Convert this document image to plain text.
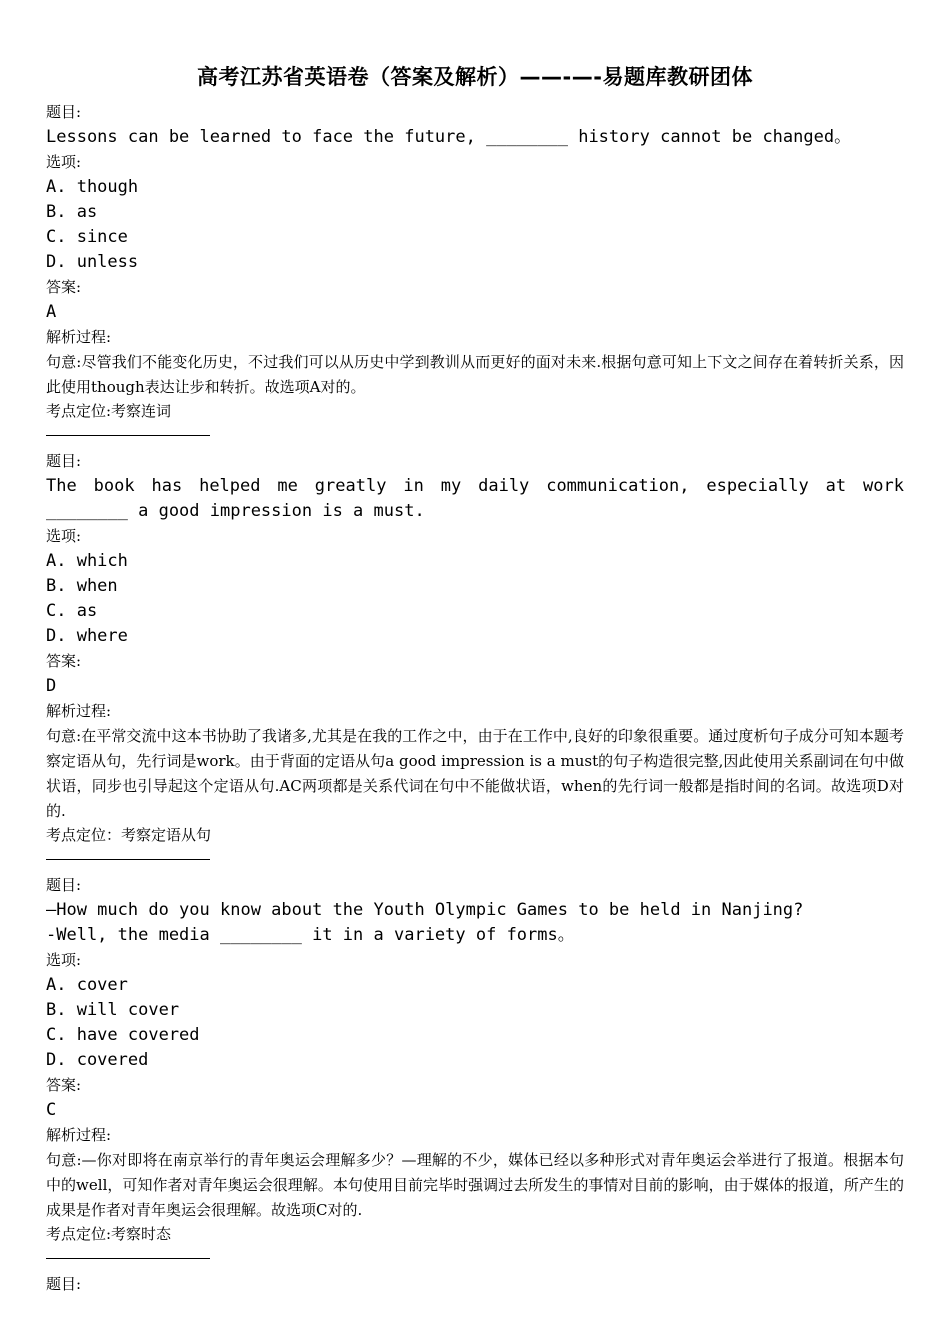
高考江苏省英语卷（答案及解析）——-—-易题库教研团体
题目:
Lessons can be learned to face the future, ________ history cannot be changed。
选项:
A. though
B. as
C. since
D. unless
答案:
A
解析过程:
句意:尽管我们不能变化历史，不过我们可以从历史中学到教训从而更好的面对未来.根据句意可知上下文之间存在着转折关系，因此使用though表达让步和转折。故选项A对的。
考点定位:考察连词
题目:
The book has helped me greatly in my daily communication, especially at work ________ a good impression is a must.
选项:
A. which
B. when
C. as
D. where
答案:
D
解析过程:
句意:在平常交流中这本书协助了我诸多,尤其是在我的工作之中，由于在工作中,良好的印象很重要。通过度析句子成分可知本题考察定语从句，先行词是work。由于背面的定语从句a good impression is a must的句子构造很完整,因此使用关系副词在句中做状语，同步也引导起这个定语从句.AC两项都是关系代词在句中不能做状语，when的先行词一般都是指时间的名词。故选项D对的.
考点定位：考察定语从句
题目:
—How much do you know about the Youth Olympic Games to be held in Nanjing?
-Well, the media ________ it in a variety of forms。
选项:
A. cover
B. will cover
C. have covered
D. covered
答案:
C
解析过程:
句意:—你对即将在南京举行的青年奥运会理解多少？—理解的不少，媒体已经以多种形式对青年奥运会举进行了报道。根据本句中的well，可知作者对青年奥运会很理解。本句使用目前完毕时强调过去所发生的事情对目前的影响，由于媒体的报道，所产生的成果是作者对青年奥运会很理解。故选项C对的.
考点定位:考察时态
题目:
